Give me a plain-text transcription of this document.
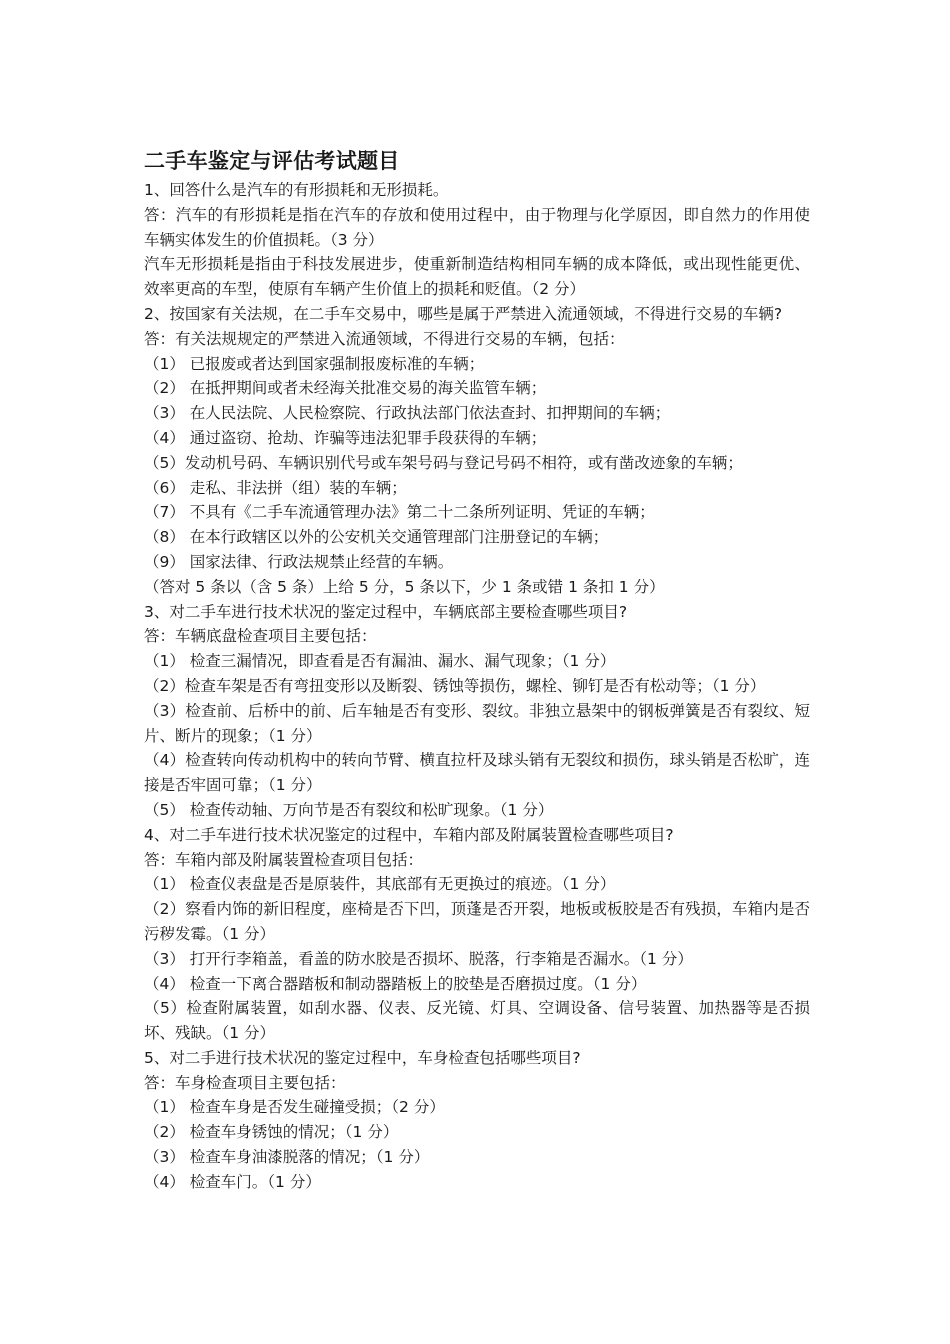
二手车鉴定与评估考试题目

1、回答什么是汽车的有形损耗和无形损耗。

答：汽车的有形损耗是指在汽车的存放和使用过程中，由于物理与化学原因，即自然力的作用使车辆实体发生的价值损耗。（3 分）

汽车无形损耗是指由于科技发展进步，使重新制造结构相同车辆的成本降低，或出现性能更优、效率更高的车型，使原有车辆产生价值上的损耗和贬值。（2 分）

2、按国家有关法规，在二手车交易中，哪些是属于严禁进入流通领域，不得进行交易的车辆?

答：有关法规规定的严禁进入流通领域，不得进行交易的车辆，包括：

（1） 已报废或者达到国家强制报废标准的车辆；

（2） 在抵押期间或者未经海关批准交易的海关监管车辆；

（3） 在人民法院、人民检察院、行政执法部门依法查封、扣押期间的车辆；

（4） 通过盗窃、抢劫、诈骗等违法犯罪手段获得的车辆；

（5）发动机号码、车辆识别代号或车架号码与登记号码不相符，或有凿改迹象的车辆；

（6） 走私、非法拼（组）装的车辆；

（7） 不具有《二手车流通管理办法》第二十二条所列证明、凭证的车辆；

（8） 在本行政辖区以外的公安机关交通管理部门注册登记的车辆；

（9） 国家法律、行政法规禁止经营的车辆。

（答对 5 条以（含 5 条）上给 5 分，5 条以下，少 1 条或错 1 条扣 1 分）

3、对二手车进行技术状况的鉴定过程中，车辆底部主要检查哪些项目?

答：车辆底盘检查项目主要包括：

（1） 检查三漏情况，即查看是否有漏油、漏水、漏气现象；（1 分）

（2）检查车架是否有弯扭变形以及断裂、锈蚀等损伤，螺栓、铆钉是否有松动等；（1 分）

（3）检查前、后桥中的前、后车轴是否有变形、裂纹。非独立悬架中的钢板弹簧是否有裂纹、短片、断片的现象；（1 分）

（4）检查转向传动机构中的转向节臂、横直拉杆及球头销有无裂纹和损伤，球头销是否松旷，连接是否牢固可靠；（1 分）

（5） 检查传动轴、万向节是否有裂纹和松旷现象。（1 分）

4、对二手车进行技术状况鉴定的过程中，车箱内部及附属装置检查哪些项目?

答：车箱内部及附属装置检查项目包括：

（1） 检查仪表盘是否是原装件，其底部有无更换过的痕迹。（1 分）

（2）察看内饰的新旧程度，座椅是否下凹，顶蓬是否开裂，地板或板胶是否有残损，车箱内是否污秽发霉。（1 分）

（3） 打开行李箱盖，看盖的防水胶是否损坏、脱落，行李箱是否漏水。（1 分）

（4） 检查一下离合器踏板和制动器踏板上的胶垫是否磨损过度。（1 分）

（5）检查附属装置，如刮水器、仪表、反光镜、灯具、空调设备、信号装置、加热器等是否损坏、残缺。（1 分）

5、对二手进行技术状况的鉴定过程中，车身检查包括哪些项目?

答：车身检查项目主要包括：

（1） 检查车身是否发生碰撞受损；（2 分）

（2） 检查车身锈蚀的情况；（1 分）

（3） 检查车身油漆脱落的情况；（1 分）

（4） 检查车门。（1 分）
